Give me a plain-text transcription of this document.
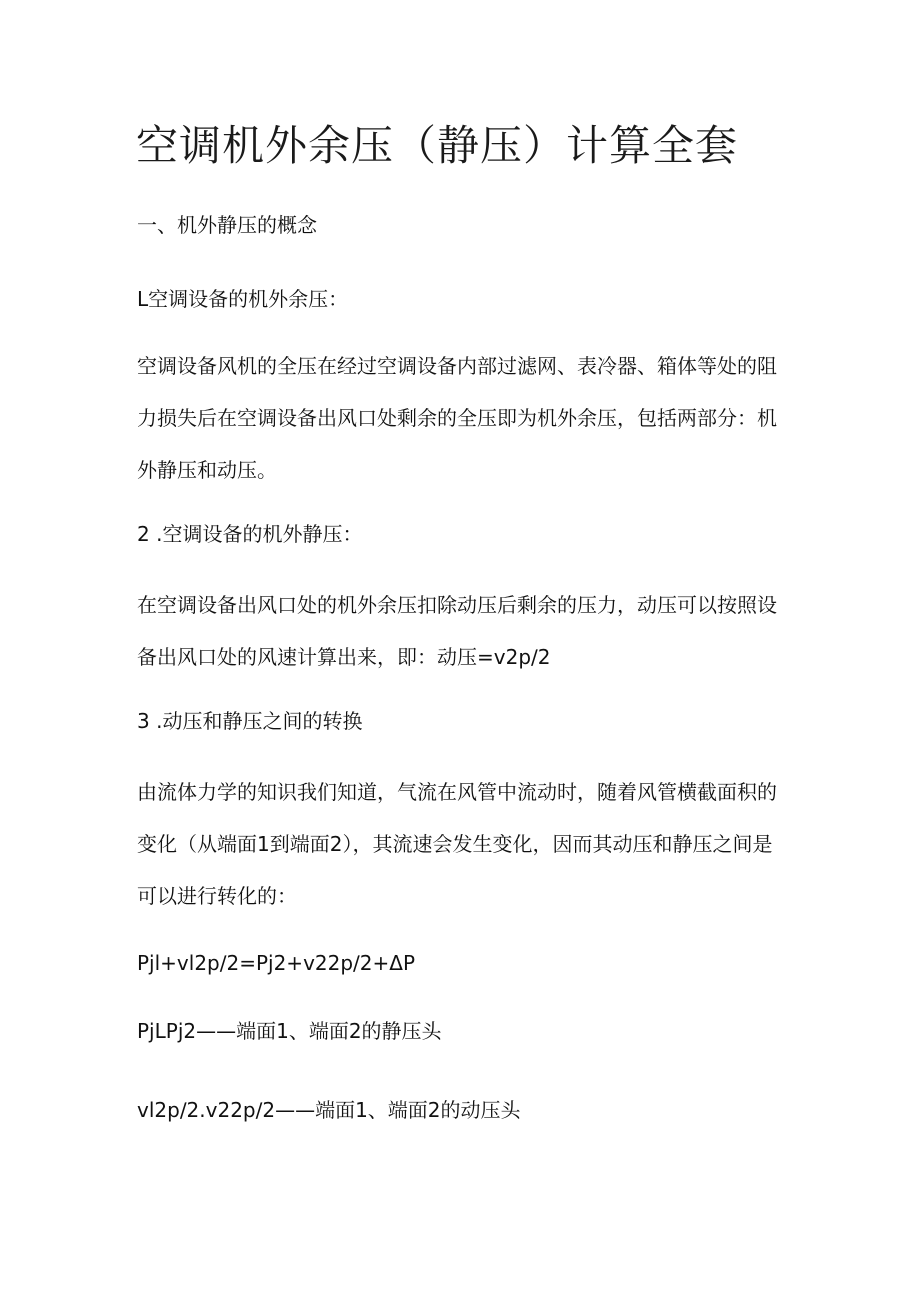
空调机外余压（静压）计算全套

一、机外静压的概念

L空调设备的机外余压：

空调设备风机的全压在经过空调设备内部过滤网、表冷器、箱体等处的阻
力损失后在空调设备出风口处剩余的全压即为机外余压，包括两部分：机
外静压和动压。

2 .空调设备的机外静压：

在空调设备出风口处的机外余压扣除动压后剩余的压力，动压可以按照设
备出风口处的风速计算出来，即：动压=v2p∕2

3 .动压和静压之间的转换

由流体力学的知识我们知道，气流在风管中流动时，随着风管横截面积的
变化（从端面1到端面2），其流速会发生变化，因而其动压和静压之间是
可以进行转化的：

Pjl+vl2p∕2=Pj2+v22p∕2+ΔP

PjLPj2——端面1、端面2的静压头

vl2p∕2.v22p∕2——端面1、端面2的动压头
